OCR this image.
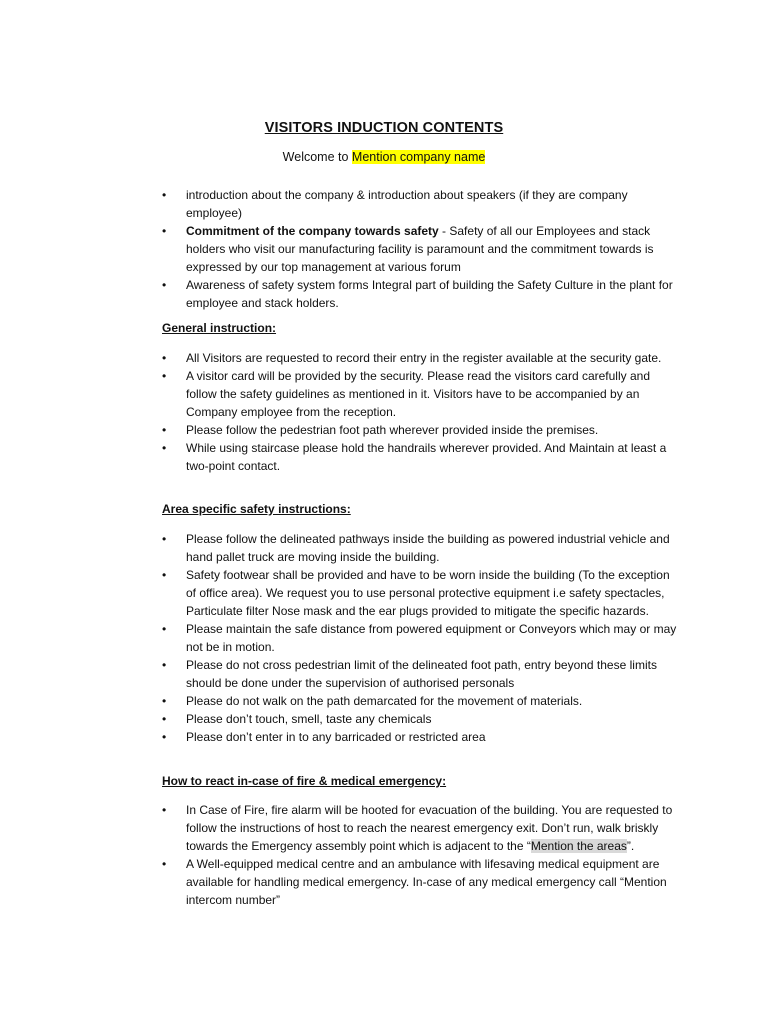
VISITORS INDUCTION CONTENTS
Welcome to Mention company name
• introduction about the company & introduction about speakers (if they are company employee)
• Commitment of the company towards safety - Safety of all our Employees and stack holders who visit our manufacturing facility is paramount and the commitment towards is expressed by our top management at various forum
• Awareness of safety system forms Integral part of building the Safety Culture in the plant for employee and stack holders.
General instruction:
• All Visitors are requested to record their entry in the register available at the security gate.
• A visitor card will be provided by the security. Please read the visitors card carefully and follow the safety guidelines as mentioned in it. Visitors have to be accompanied by an Company employee from the reception.
• Please follow the pedestrian foot path wherever provided inside the premises.
• While using staircase please hold the handrails wherever provided. And Maintain at least a two-point contact.
Area specific safety instructions:
• Please follow the delineated pathways inside the building as powered industrial vehicle and hand pallet truck are moving inside the building.
• Safety footwear shall be provided and have to be worn inside the building (To the exception of office area). We request you to use personal protective equipment i.e safety spectacles, Particulate filter Nose mask and the ear plugs provided to mitigate the specific hazards.
• Please maintain the safe distance from powered equipment or Conveyors which may or may not be in motion.
• Please do not cross pedestrian limit of the delineated foot path, entry beyond these limits should be done under the supervision of authorised personals
• Please do not walk on the path demarcated for the movement of materials.
• Please don’t touch, smell, taste any chemicals
• Please don’t enter in to any barricaded or restricted area
How to react in-case of fire & medical emergency:
• In Case of Fire, fire alarm will be hooted for evacuation of the building. You are requested to follow the instructions of host to reach the nearest emergency exit. Don’t run, walk briskly towards the Emergency assembly point which is adjacent to the “Mention the areas”.
• A Well-equipped medical centre and an ambulance with lifesaving medical equipment are available for handling medical emergency. In-case of any medical emergency call “Mention intercom number”
